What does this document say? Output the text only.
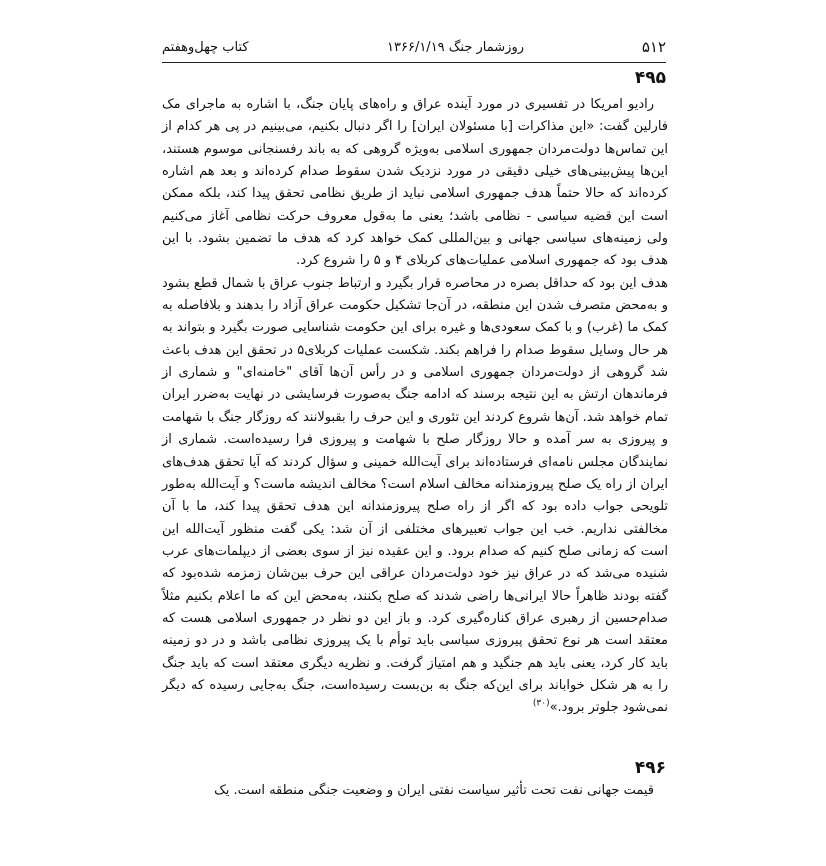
۵۱۲
روزشمار جنگ ۱۳۶۶/۱/۱۹
کتاب چهل‌وهفتم
۴۹۵

رادیو امریکا در تفسیری در مورد آینده عراق و راه‌های پایان جنگ، با اشاره به ماجرای مک فارلین گفت: «این مذاکرات [با مسئولان ایران] را اگر دنبال بکنیم، می‌بینیم در پی هر کدام از این تماس‌ها دولت‌مردان جمهوری اسلامی به‌ویژه گروهی که به باند رفسنجانی موسوم هستند، این‌ها پیش‌بینی‌های خیلی دقیقی در مورد نزدیک شدن سقوط صدام کرده‌اند و بعد هم اشاره کرده‌اند که حالا حتماً هدف جمهوری اسلامی نباید از طریق نظامی تحقق پیدا کند، بلکه ممکن است این قضیه سیاسی - نظامی باشد؛ یعنی ما به‌قول معروف حرکت نظامی آغاز می‌کنیم ولی زمینه‌های سیاسی جهانی و بین‌المللی کمک خواهد کرد که هدف ما تضمین بشود. با این هدف بود که جمهوری اسلامی عملیات‌های کربلای ۴ و ۵ را شروع کرد.

هدف این بود که حداقل بصره در محاصره قرار بگیرد و ارتباط جنوب عراق با شمال قطع بشود و به‌محض متصرف شدن این منطقه، در آن‌جا تشکیل حکومت عراق آزاد را بدهند و بلافاصله به کمک ما (غرب) و با کمک سعودی‌ها و غیره برای این حکومت شناسایی صورت بگیرد و بتواند به هر حال وسایل سقوط صدام را فراهم بکند. شکست عملیات کربلای۵ در تحقق این هدف باعث شد گروهی از دولت‌مردان جمهوری اسلامی و در رأس آن‌ها آقای "خامنه‌ای" و شماری از فرماندهان ارتش به این نتیجه برسند که ادامه جنگ به‌صورت فرسایشی در نهایت به‌ضرر ایران تمام خواهد شد. آن‌ها شروع کردند این تئوری و این حرف را بقبولانند که روزگار جنگ با شهامت و پیروزی به سر آمده و حالا روزگار صلح با شهامت و پیروزی فرا رسیده‌است. شماری از نمایندگان مجلس نامه‌ای فرستاده‌اند برای آیت‌الله خمینی و سؤال کردند که آیا تحقق هدف‌های ایران از راه یک صلح پیروزمندانه مخالف اسلام است؟ مخالف اندیشه ماست؟ و آیت‌الله به‌طور تلویحی جواب داده بود که اگر از راه صلح پیروزمندانه این هدف تحقق پیدا کند، ما با آن مخالفتی نداریم. خب این جواب تعبیرهای مختلفی از آن شد: یکی گفت منظور آیت‌الله این است که زمانی صلح کنیم که صدام برود. و این عقیده نیز از سوی بعضی از دیپلمات‌های عرب شنیده می‌شد که در عراق نیز خود دولت‌مردان عراقی این حرف بین‌شان زمزمه شده‌بود که گفته بودند ظاهراً حالا ایرانی‌ها راضی شدند که صلح بکنند، به‌محض این که ما اعلام بکنیم مثلاً صدام‌حسین از رهبری عراق کناره‌گیری کرد. و باز این دو نظر در جمهوری اسلامی هست که معتقد است هر نوع تحقق پیروزی سیاسی باید توأم با یک پیروزی نظامی باشد و در دو زمینه باید کار کرد، یعنی باید هم جنگید و هم امتیاز گرفت. و نظریه دیگری معتقد است که باید جنگ را به هر شکل خواباند برای این‌که جنگ به بن‌بست رسیده‌است، جنگ به‌جایی رسیده که دیگر نمی‌شود جلوتر برود.»$^{(۳۰)}$

۴۹۶
قیمت جهانی نفت تحت تأثیر سیاست نفتی ایران و وضعیت جنگی منطقه است. یک
